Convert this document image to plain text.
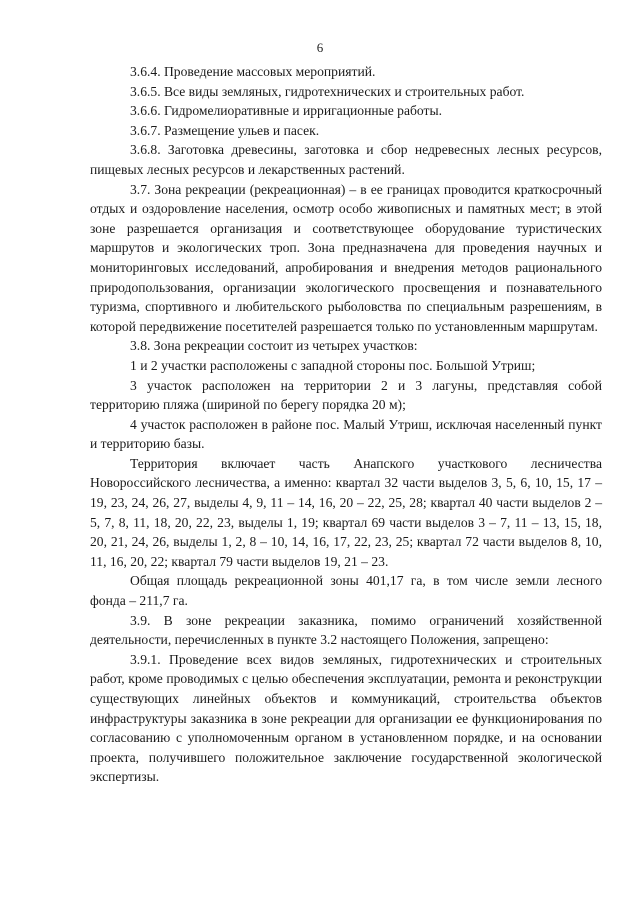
6

3.6.4. Проведение массовых мероприятий.

3.6.5. Все виды земляных, гидротехнических и строительных работ.

3.6.6. Гидромелиоративные и ирригационные работы.

3.6.7. Размещение ульев и пасек.

3.6.8. Заготовка древесины, заготовка и сбор недревесных лесных ресурсов, пищевых лесных ресурсов и лекарственных растений.

3.7. Зона рекреации (рекреационная) – в ее границах проводится краткосрочный отдых и оздоровление населения, осмотр особо живописных и памятных мест; в этой зоне разрешается организация и соответствующее оборудование туристических маршрутов и экологических троп. Зона предназначена для проведения научных и мониторинговых исследований, апробирования и внедрения методов рационального природопользования, организации экологического просвещения и познавательного туризма, спортивного и любительского рыболовства по специальным разрешениям, в которой передвижение посетителей разрешается только по установленным маршрутам.

3.8. Зона рекреации состоит из четырех участков:

1 и 2 участки расположены с западной стороны пос. Большой Утриш;

3 участок расположен на территории 2 и 3 лагуны, представляя собой территорию пляжа (шириной по берегу порядка 20 м);

4 участок расположен в районе пос. Малый Утриш, исключая населенный пункт и территорию базы.

Территория включает часть Анапского участкового лесничества Новороссийского лесничества, а именно: квартал 32 части выделов 3, 5, 6, 10, 15, 17 – 19, 23, 24, 26, 27, выделы 4, 9, 11 – 14, 16, 20 – 22, 25, 28; квартал 40 части выделов 2 – 5, 7, 8, 11, 18, 20, 22, 23, выделы 1, 19; квартал 69 части выделов 3 – 7, 11 – 13, 15, 18, 20, 21, 24, 26, выделы 1, 2, 8 – 10, 14, 16, 17, 22, 23, 25; квартал 72 части выделов 8, 10, 11, 16, 20, 22; квартал 79 части выделов 19, 21 – 23.

Общая площадь рекреационной зоны 401,17 га, в том числе земли лесного фонда – 211,7 га.

3.9. В зоне рекреации заказника, помимо ограничений хозяйственной деятельности, перечисленных в пункте 3.2 настоящего Положения, запрещено:

3.9.1. Проведение всех видов земляных, гидротехнических и строительных работ, кроме проводимых с целью обеспечения эксплуатации, ремонта и реконструкции существующих линейных объектов и коммуникаций, строительства объектов инфраструктуры заказника в зоне рекреации для организации ее функционирования по согласованию с уполномоченным органом в установленном порядке, и на основании проекта, получившего положительное заключение государственной экологической экспертизы.
